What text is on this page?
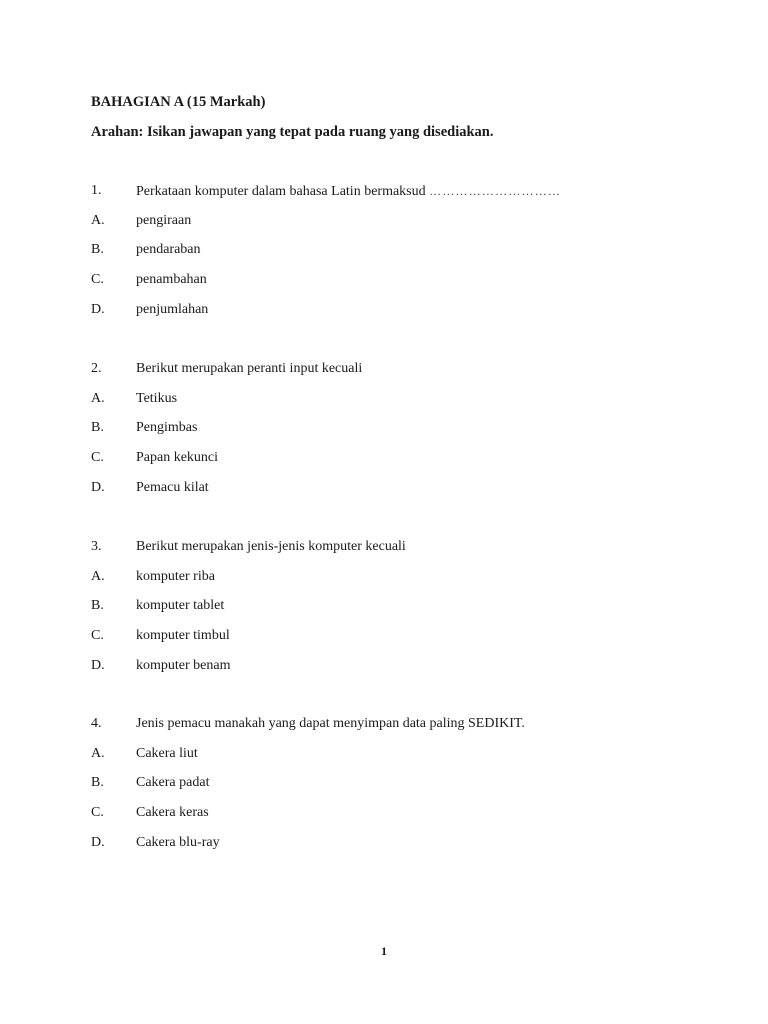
BAHAGIAN A (15 Markah)
Arahan: Isikan jawapan yang tepat pada ruang yang disediakan.
1. Perkataan komputer dalam bahasa Latin bermaksud …………………………
A. pengiraan
B. pendaraban
C. penambahan
D. penjumlahan
2. Berikut merupakan peranti input kecuali
A. Tetikus
B. Pengimbas
C. Papan kekunci
D. Pemacu kilat
3. Berikut merupakan jenis-jenis komputer kecuali
A. komputer riba
B. komputer tablet
C. komputer timbul
D. komputer benam
4. Jenis pemacu manakah yang dapat menyimpan data paling SEDIKIT.
A. Cakera liut
B. Cakera padat
C. Cakera keras
D. Cakera blu-ray
1
